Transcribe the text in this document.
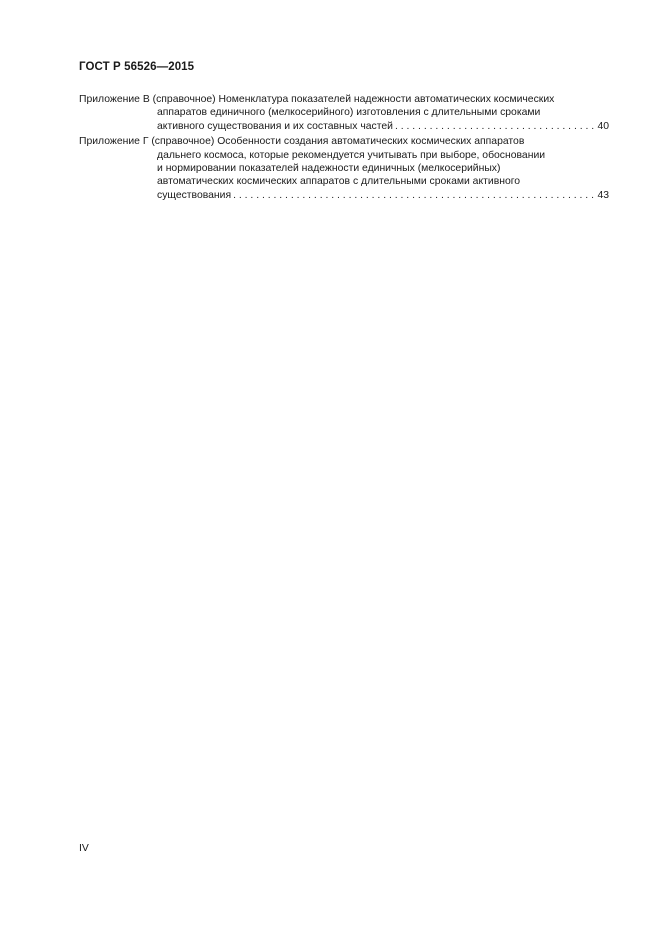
ГОСТ Р 56526—2015
Приложение В (справочное) Номенклатура показателей надежности автоматических космических
аппаратов единичного (мелкосерийного) изготовления с длительными сроками
активного существования и их составных частей . . .	40
Приложение Г (справочное) Особенности создания автоматических космических аппаратов
дальнего космоса, которые рекомендуется учитывать при выборе, обосновании
и нормировании показателей надежности единичных (мелкосерийных)
автоматических космических аппаратов с длительными сроками активного
существования . . .	43
IV
